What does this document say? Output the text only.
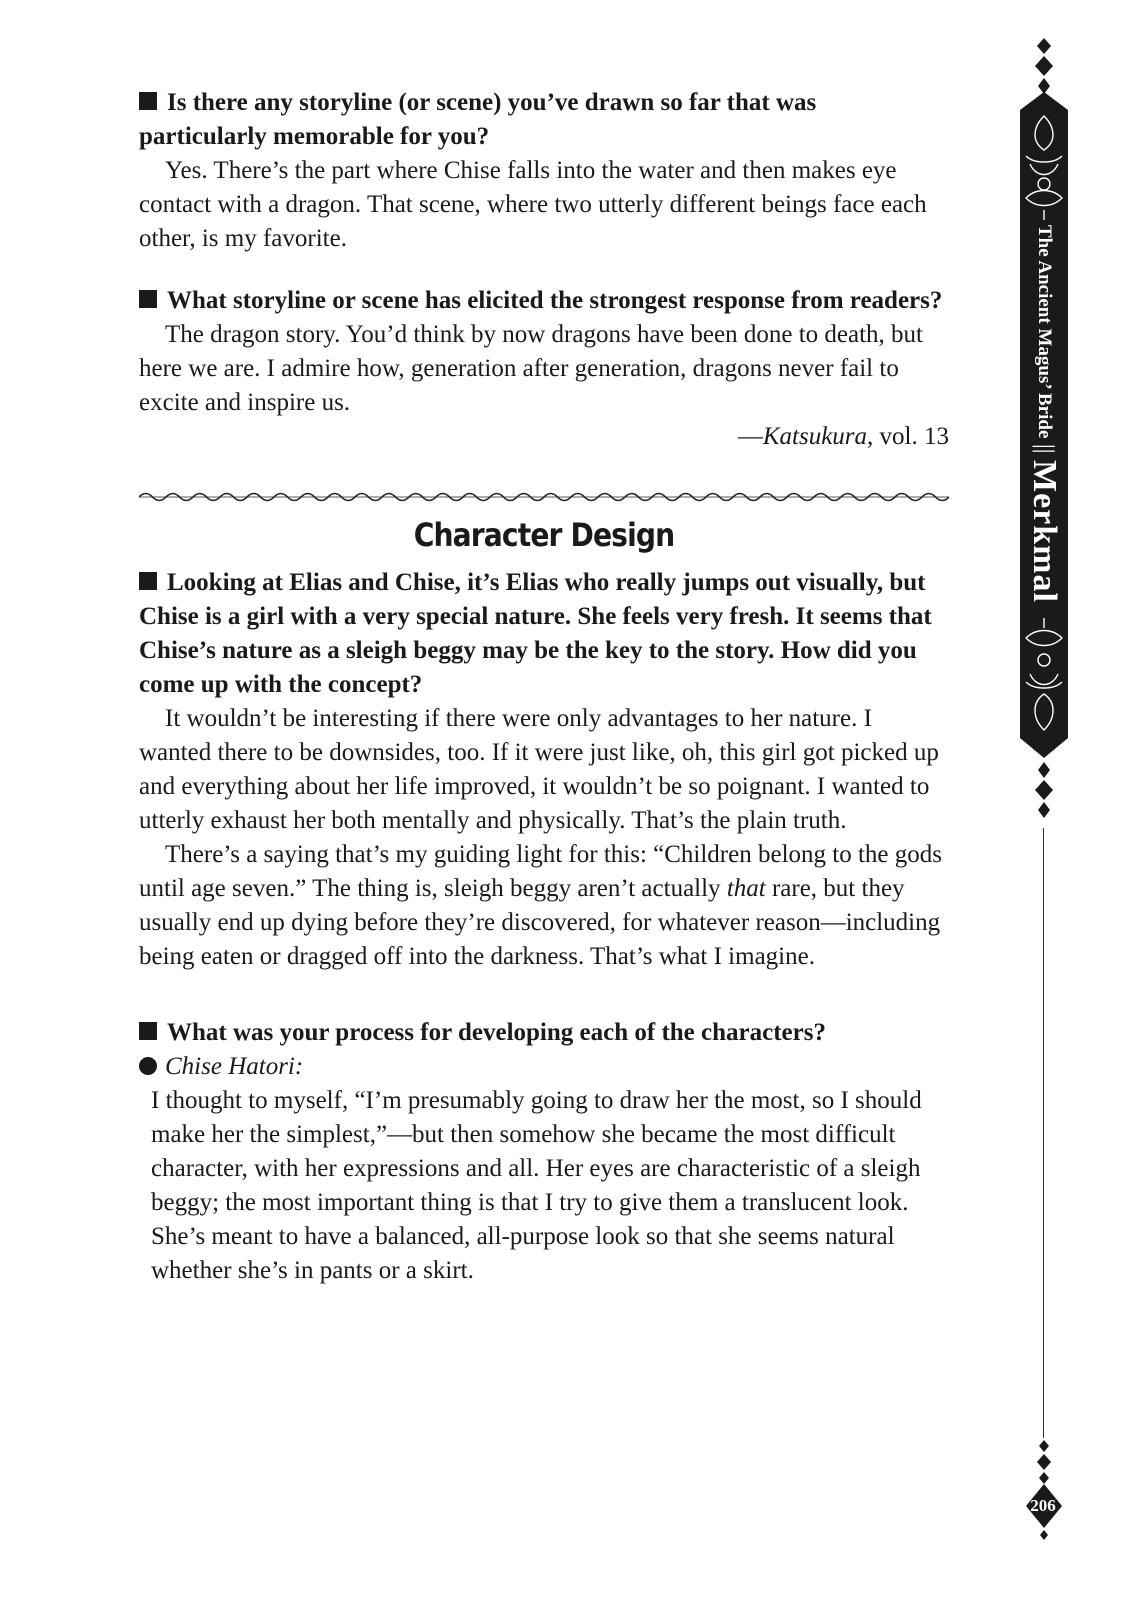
Is there any storyline (or scene) you’ve drawn so far that was particularly memorable for you?

Yes. There’s the part where Chise falls into the water and then makes eye contact with a dragon. That scene, where two utterly different beings face each other, is my favorite.

What storyline or scene has elicited the strongest response from readers?

The dragon story. You’d think by now dragons have been done to death, but here we are. I admire how, generation after generation, dragons never fail to excite and inspire us.

—Katsukura, vol. 13

Character Design

Looking at Elias and Chise, it’s Elias who really jumps out visually, but Chise is a girl with a very special nature. She feels very fresh. It seems that Chise’s nature as a sleigh beggy may be the key to the story. How did you come up with the concept?

It wouldn’t be interesting if there were only advantages to her nature. I wanted there to be downsides, too. If it were just like, oh, this girl got picked up and everything about her life improved, it wouldn’t be so poignant. I wanted to utterly exhaust her both mentally and physically. That’s the plain truth.

There’s a saying that’s my guiding light for this: “Children belong to the gods until age seven.” The thing is, sleigh beggy aren’t actually that rare, but they usually end up dying before they’re discovered, for whatever reason—including being eaten or dragged off into the darkness. That’s what I imagine.

What was your process for developing each of the characters?

Chise Hatori:

I thought to myself, “I’m presumably going to draw her the most, so I should make her the simplest,”—but then somehow she became the most difficult character, with her expressions and all. Her eyes are characteristic of a sleigh beggy; the most important thing is that I try to give them a translucent look. She’s meant to have a balanced, all-purpose look so that she seems natural whether she’s in pants or a skirt.

The Ancient Magus’ Bride
||
Merkmal
206
